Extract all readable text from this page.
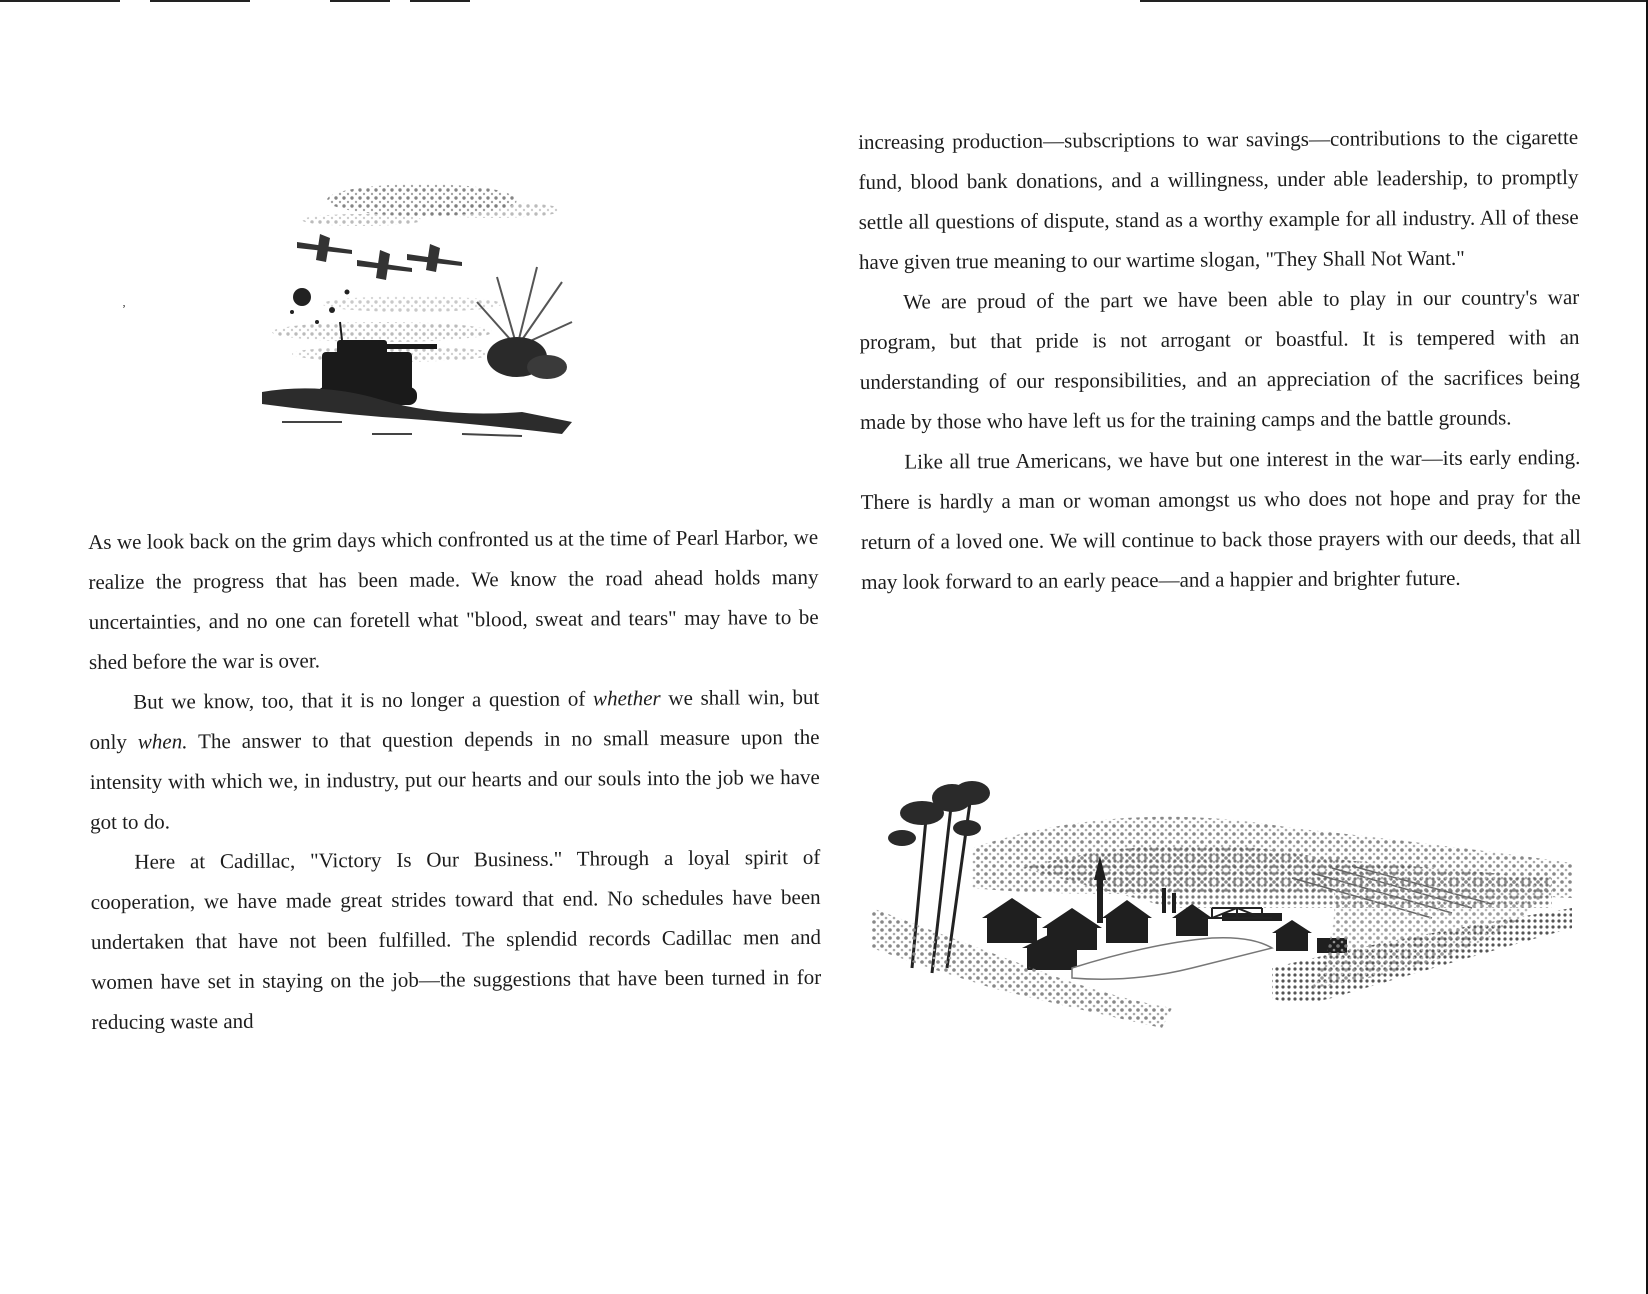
ʼ

As we look back on the grim days which confronted us at the time of Pearl Harbor, we realize the progress that has been made. We know the road ahead holds many uncertainties, and no one can foretell what "blood, sweat and tears" may have to be shed before the war is over.

But we know, too, that it is no longer a question of whether we shall win, but only when. The answer to that question depends in no small measure upon the intensity with which we, in industry, put our hearts and our souls into the job we have got to do.

Here at Cadillac, "Victory Is Our Business." Through a loyal spirit of cooperation, we have made great strides toward that end. No schedules have been undertaken that have not been fulfilled. The splendid records Cadillac men and women have set in staying on the job—the suggestions that have been turned in for reducing waste and

increasing production—subscriptions to war savings—contributions to the cigarette fund, blood bank donations, and a willingness, under able leadership, to promptly settle all questions of dispute, stand as a worthy example for all industry. All of these have given true meaning to our wartime slogan, "They Shall Not Want."

We are proud of the part we have been able to play in our country's war program, but that pride is not arrogant or boastful. It is tempered with an understanding of our responsibilities, and an appreciation of the sacrifices being made by those who have left us for the training camps and the battle grounds.

Like all true Americans, we have but one interest in the war—its early ending. There is hardly a man or woman amongst us who does not hope and pray for the return of a loved one. We will continue to back those prayers with our deeds, that all may look forward to an early peace—and a happier and brighter future.
